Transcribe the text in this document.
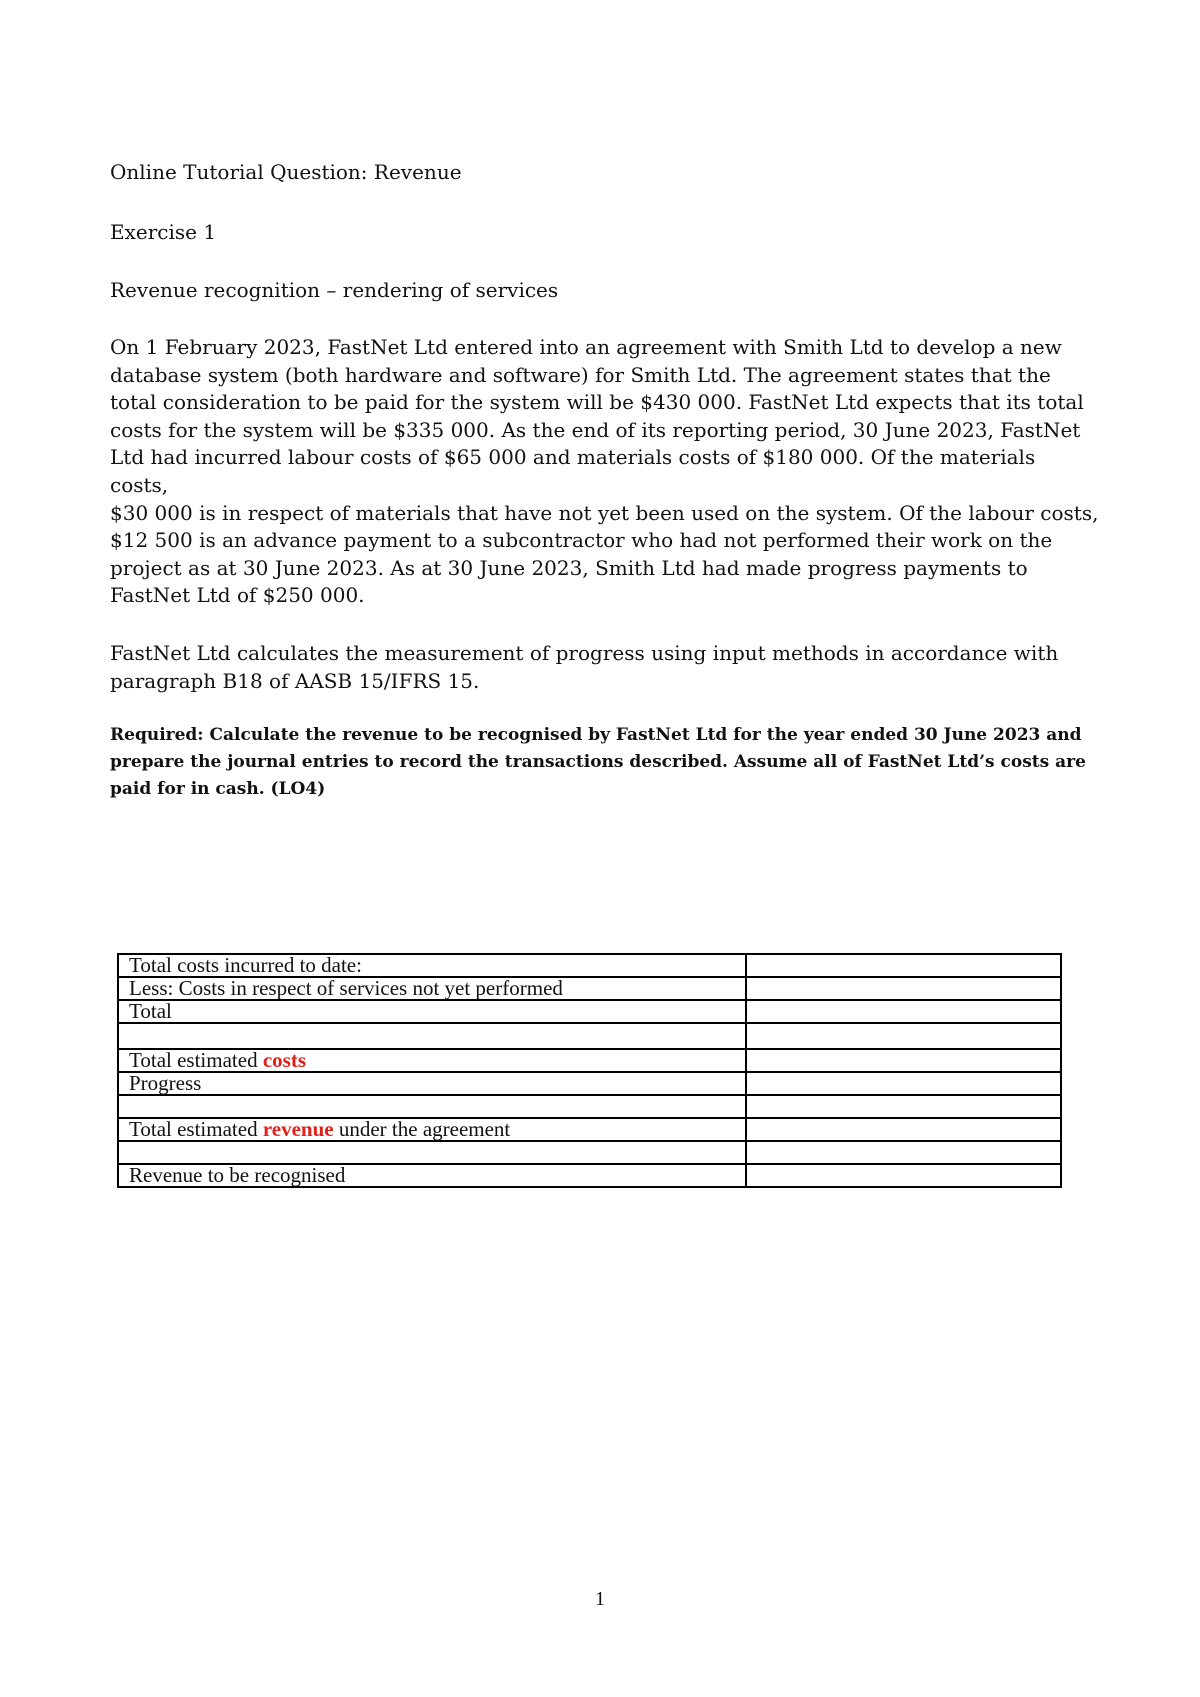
Online Tutorial Question: Revenue

Exercise 1

Revenue recognition – rendering of services

On 1 February 2023, FastNet Ltd entered into an agreement with Smith Ltd to develop a new
database system (both hardware and software) for Smith Ltd. The agreement states that the
total consideration to be paid for the system will be $430 000. FastNet Ltd expects that its total
costs for the system will be $335 000. As the end of its reporting period, 30 June 2023, FastNet
Ltd had incurred labour costs of $65 000 and materials costs of $180 000. Of the materials
costs,
$30 000 is in respect of materials that have not yet been used on the system. Of the labour costs,
$12 500 is an advance payment to a subcontractor who had not performed their work on the
project as at 30 June 2023. As at 30 June 2023, Smith Ltd had made progress payments to
FastNet Ltd of $250 000.
FastNet Ltd calculates the measurement of progress using input methods in accordance with
paragraph B18 of AASB 15/IFRS 15.
Required: Calculate the revenue to be recognised by FastNet Ltd for the year ended 30 June 2023 and
prepare the journal entries to record the transactions described. Assume all of FastNet Ltd’s costs are
paid for in cash. (LO4)
Total costs incurred to date:	
Less: Costs in respect of services not yet performed	
Total	

Total estimated costs	
Progress	

Total estimated revenue under the agreement	

Revenue to be recognised	
1
